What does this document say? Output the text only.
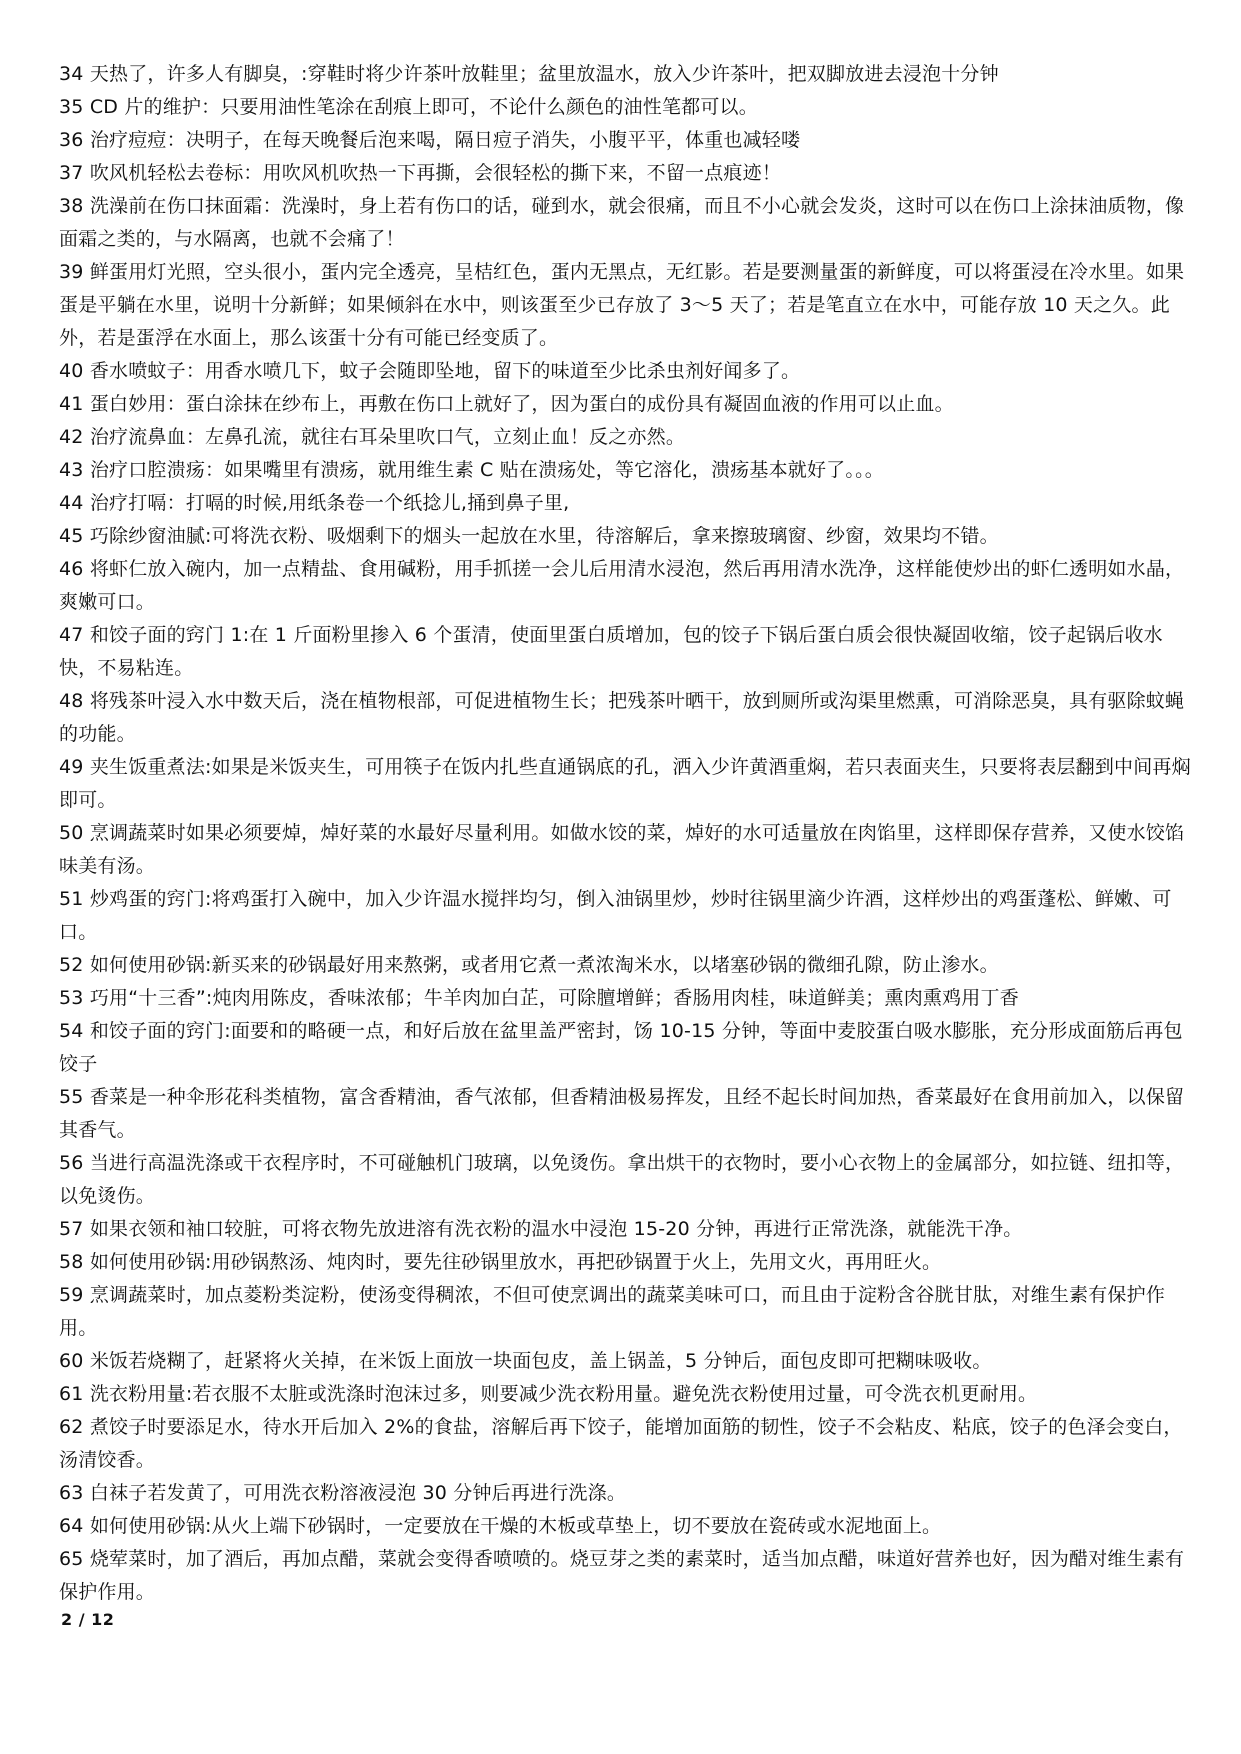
34 天热了，许多人有脚臭，:穿鞋时将少许茶叶放鞋里；盆里放温水，放入少许茶叶，把双脚放进去浸泡十分钟

35 CD 片的维护：只要用油性笔涂在刮痕上即可，不论什么颜色的油性笔都可以。

36 治疗痘痘：决明子，在每天晚餐后泡来喝，隔日痘子消失，小腹平平，体重也减轻喽

37 吹风机轻松去卷标：用吹风机吹热一下再撕，会很轻松的撕下来，不留一点痕迹！

38 洗澡前在伤口抹面霜：洗澡时，身上若有伤口的话，碰到水，就会很痛，而且不小心就会发炎，这时可以在伤口上涂抹油质物，像面霜之类的，与水隔离，也就不会痛了！

39 鲜蛋用灯光照，空头很小，蛋内完全透亮，呈桔红色，蛋内无黑点，无红影。若是要测量蛋的新鲜度，可以将蛋浸在冷水里。如果蛋是平躺在水里，说明十分新鲜；如果倾斜在水中，则该蛋至少已存放了 3～5 天了；若是笔直立在水中，可能存放 10 天之久。此外，若是蛋浮在水面上，那么该蛋十分有可能已经变质了。

40 香水喷蚊子：用香水喷几下，蚊子会随即坠地，留下的味道至少比杀虫剂好闻多了。

41 蛋白妙用：蛋白涂抹在纱布上，再敷在伤口上就好了，因为蛋白的成份具有凝固血液的作用可以止血。

42 治疗流鼻血：左鼻孔流，就往右耳朵里吹口气，立刻止血！反之亦然。

43 治疗口腔溃疡：如果嘴里有溃疡，就用维生素 C 贴在溃疡处，等它溶化，溃疡基本就好了。。。

44 治疗打嗝：打嗝的时候,用纸条卷一个纸捻儿,捅到鼻子里,

45 巧除纱窗油腻:可将洗衣粉、吸烟剩下的烟头一起放在水里，待溶解后，拿来擦玻璃窗、纱窗，效果均不错。

46 将虾仁放入碗内，加一点精盐、食用碱粉，用手抓搓一会儿后用清水浸泡，然后再用清水洗净，这样能使炒出的虾仁透明如水晶，爽嫩可口。

47 和饺子面的窍门 1:在 1 斤面粉里掺入 6 个蛋清，使面里蛋白质增加，包的饺子下锅后蛋白质会很快凝固收缩，饺子起锅后收水快，不易粘连。

48 将残茶叶浸入水中数天后，浇在植物根部，可促进植物生长；把残茶叶晒干，放到厕所或沟渠里燃熏，可消除恶臭，具有驱除蚊蝇的功能。

49 夹生饭重煮法:如果是米饭夹生，可用筷子在饭内扎些直通锅底的孔，洒入少许黄酒重焖，若只表面夹生，只要将表层翻到中间再焖即可。

50 烹调蔬菜时如果必须要焯，焯好菜的水最好尽量利用。如做水饺的菜，焯好的水可适量放在肉馅里，这样即保存营养，又使水饺馅味美有汤。

51 炒鸡蛋的窍门:将鸡蛋打入碗中，加入少许温水搅拌均匀，倒入油锅里炒，炒时往锅里滴少许酒，这样炒出的鸡蛋蓬松、鲜嫩、可口。

52 如何使用砂锅:新买来的砂锅最好用来熬粥，或者用它煮一煮浓淘米水，以堵塞砂锅的微细孔隙，防止渗水。

53 巧用“十三香”:炖肉用陈皮，香味浓郁；牛羊肉加白芷，可除膻增鲜；香肠用肉桂，味道鲜美；熏肉熏鸡用丁香

54 和饺子面的窍门:面要和的略硬一点，和好后放在盆里盖严密封，饧 10-15 分钟，等面中麦胶蛋白吸水膨胀，充分形成面筋后再包饺子

55 香菜是一种伞形花科类植物，富含香精油，香气浓郁，但香精油极易挥发，且经不起长时间加热，香菜最好在食用前加入，以保留其香气。

56 当进行高温洗涤或干衣程序时，不可碰触机门玻璃，以免烫伤。拿出烘干的衣物时，要小心衣物上的金属部分，如拉链、纽扣等，以免烫伤。

57 如果衣领和袖口较脏，可将衣物先放进溶有洗衣粉的温水中浸泡 15-20 分钟，再进行正常洗涤，就能洗干净。

58 如何使用砂锅:用砂锅熬汤、炖肉时，要先往砂锅里放水，再把砂锅置于火上，先用文火，再用旺火。

59 烹调蔬菜时，加点菱粉类淀粉，使汤变得稠浓，不但可使烹调出的蔬菜美味可口，而且由于淀粉含谷胱甘肽，对维生素有保护作用。

60 米饭若烧糊了，赶紧将火关掉，在米饭上面放一块面包皮，盖上锅盖，5 分钟后，面包皮即可把糊味吸收。

61 洗衣粉用量:若衣服不太脏或洗涤时泡沫过多，则要减少洗衣粉用量。避免洗衣粉使用过量，可令洗衣机更耐用。

62 煮饺子时要添足水，待水开后加入 2%的食盐，溶解后再下饺子，能增加面筋的韧性，饺子不会粘皮、粘底，饺子的色泽会变白，汤清饺香。

63 白袜子若发黄了，可用洗衣粉溶液浸泡 30 分钟后再进行洗涤。

64 如何使用砂锅:从火上端下砂锅时，一定要放在干燥的木板或草垫上，切不要放在瓷砖或水泥地面上。

65 烧荤菜时，加了酒后，再加点醋，菜就会变得香喷喷的。烧豆芽之类的素菜时，适当加点醋，味道好营养也好，因为醋对维生素有保护作用。

2 / 12
